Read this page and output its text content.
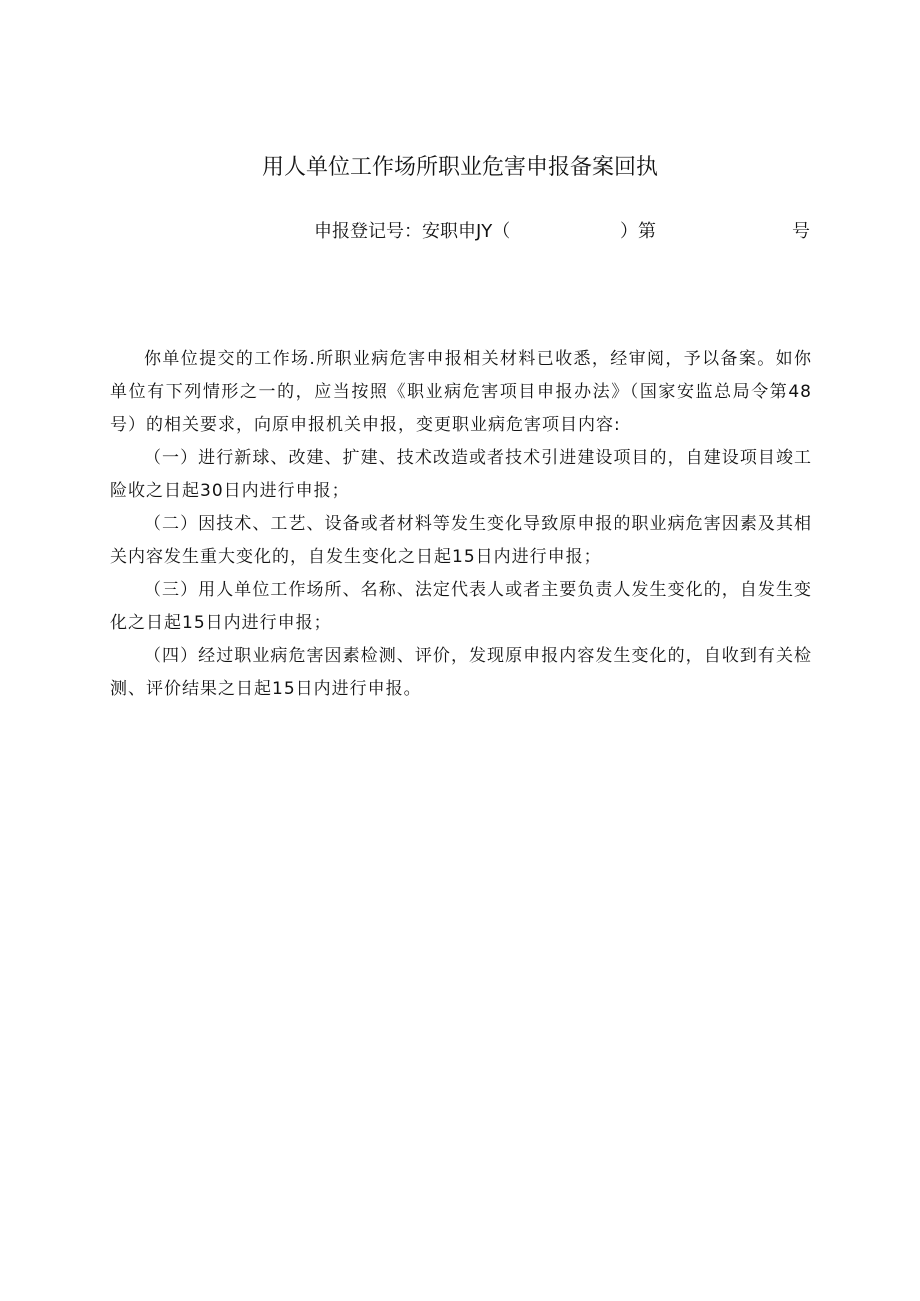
用人单位工作场所职业危害申报备案回执
申报登记号：安职申JY（	）第	号

你单位提交的工作场.所职业病危害申报相关材料已收悉，经审阅，予以备案。如你单位有下列情形之一的，应当按照《职业病危害项目申报办法》（国家安监总局令第48号）的相关要求，向原申报机关申报，变更职业病危害项目内容:

（一）进行新球、改建、扩建、技术改造或者技术引进建设项目的，自建设项目竣工险收之日起30日内进行申报；

（二）因技术、工艺、设备或者材料等发生变化导致原申报的职业病危害因素及其相关内容发生重大变化的，自发生变化之日起15日内进行申报；

（三）用人单位工作场所、名称、法定代表人或者主要负责人发生变化的，自发生变化之日起15日内进行申报；

（四）经过职业病危害因素检测、评价，发现原申报内容发生变化的，自收到有关检测、评价结果之日起15日内进行申报。
